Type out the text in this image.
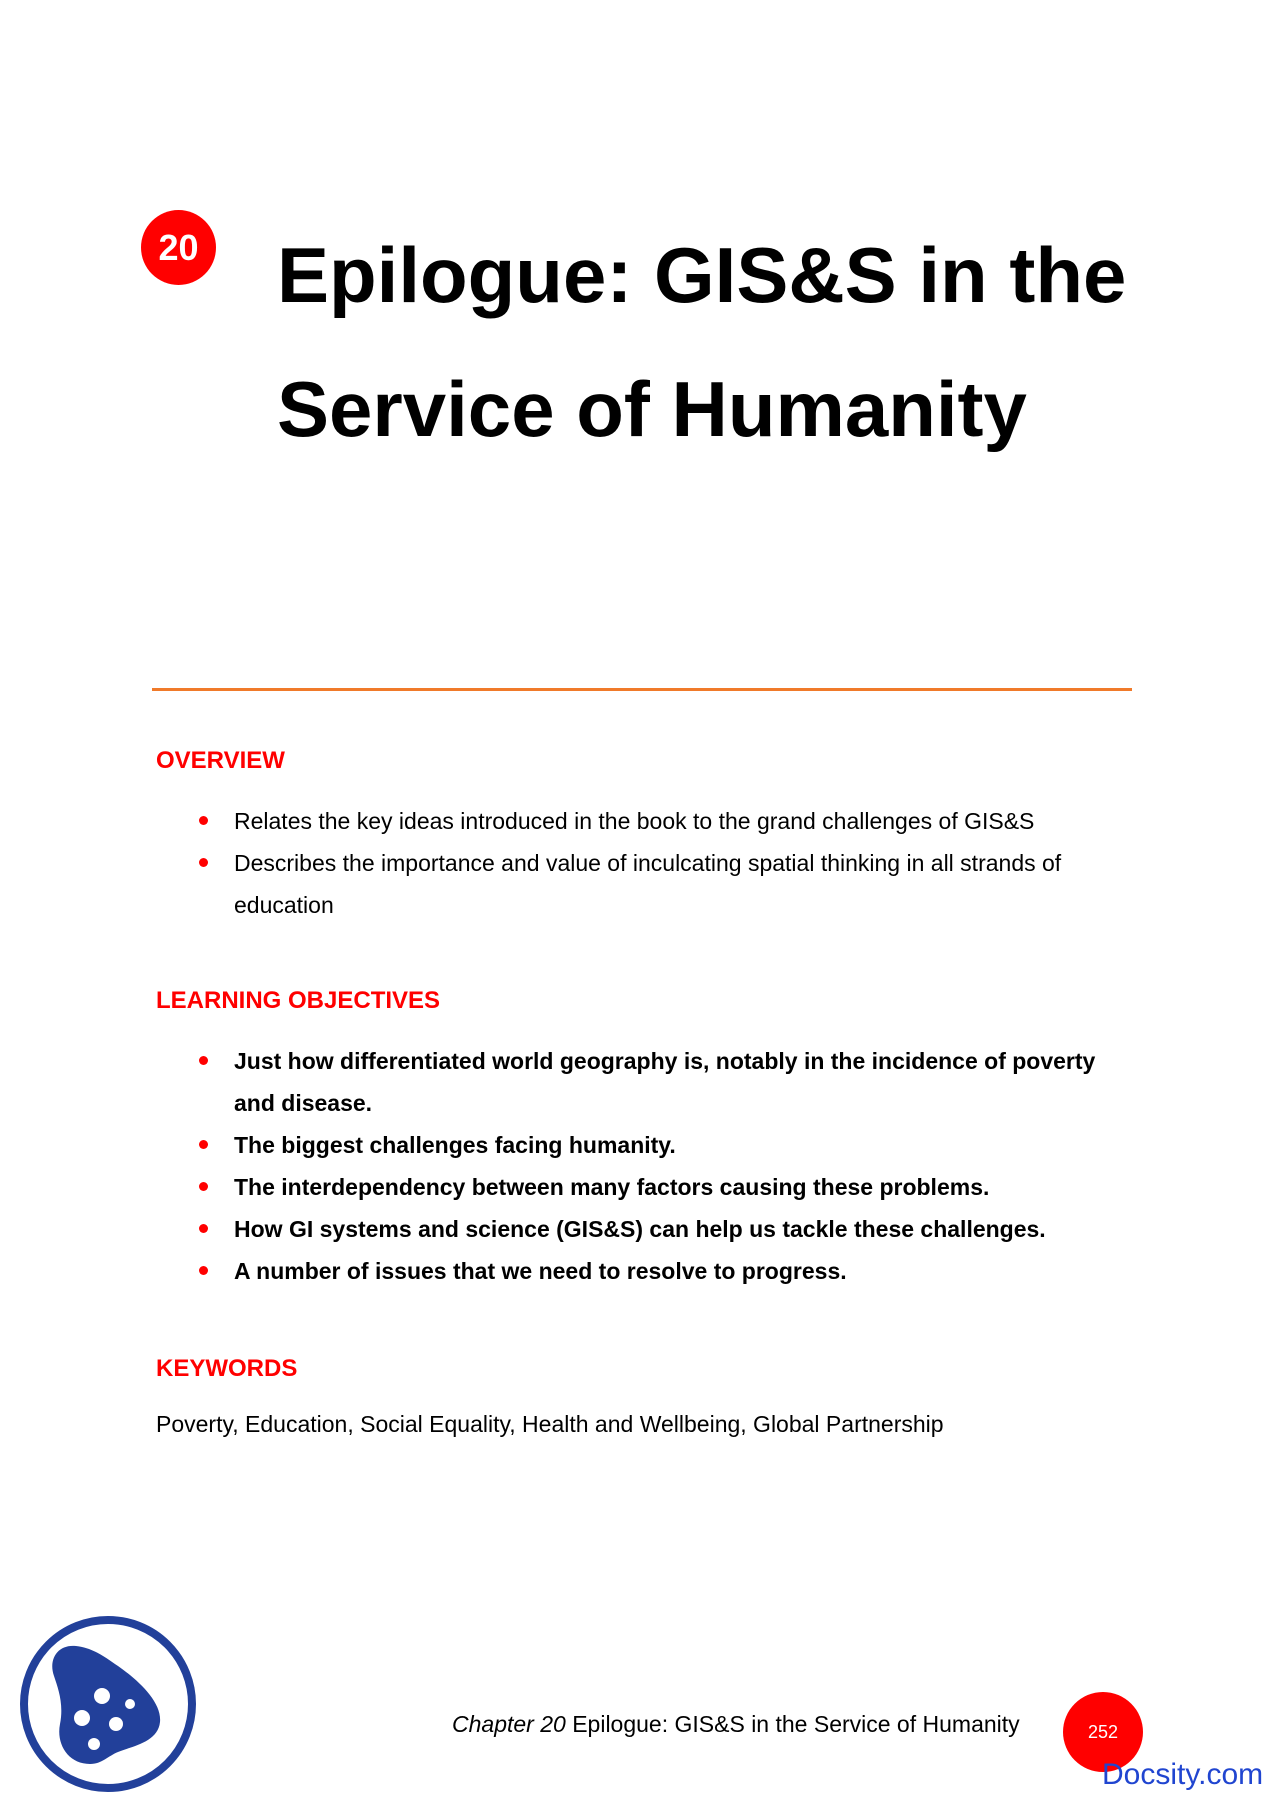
20 Epilogue: GIS&S in the
Service of Humanity
OVERVIEW
Relates the key ideas introduced in the book to the grand challenges of GIS&S
Describes the importance and value of inculcating spatial thinking in all strands of education
LEARNING OBJECTIVES
Just how differentiated world geography is, notably in the incidence of poverty and disease.
The biggest challenges facing humanity.
The interdependency between many factors causing these problems.
How GI systems and science (GIS&S) can help us tackle these challenges.
A number of issues that we need to resolve to progress.
KEYWORDS
Poverty, Education, Social Equality, Health and Wellbeing, Global Partnership
Chapter 20 Epilogue: GIS&S in the Service of Humanity	252
Docsity.com
